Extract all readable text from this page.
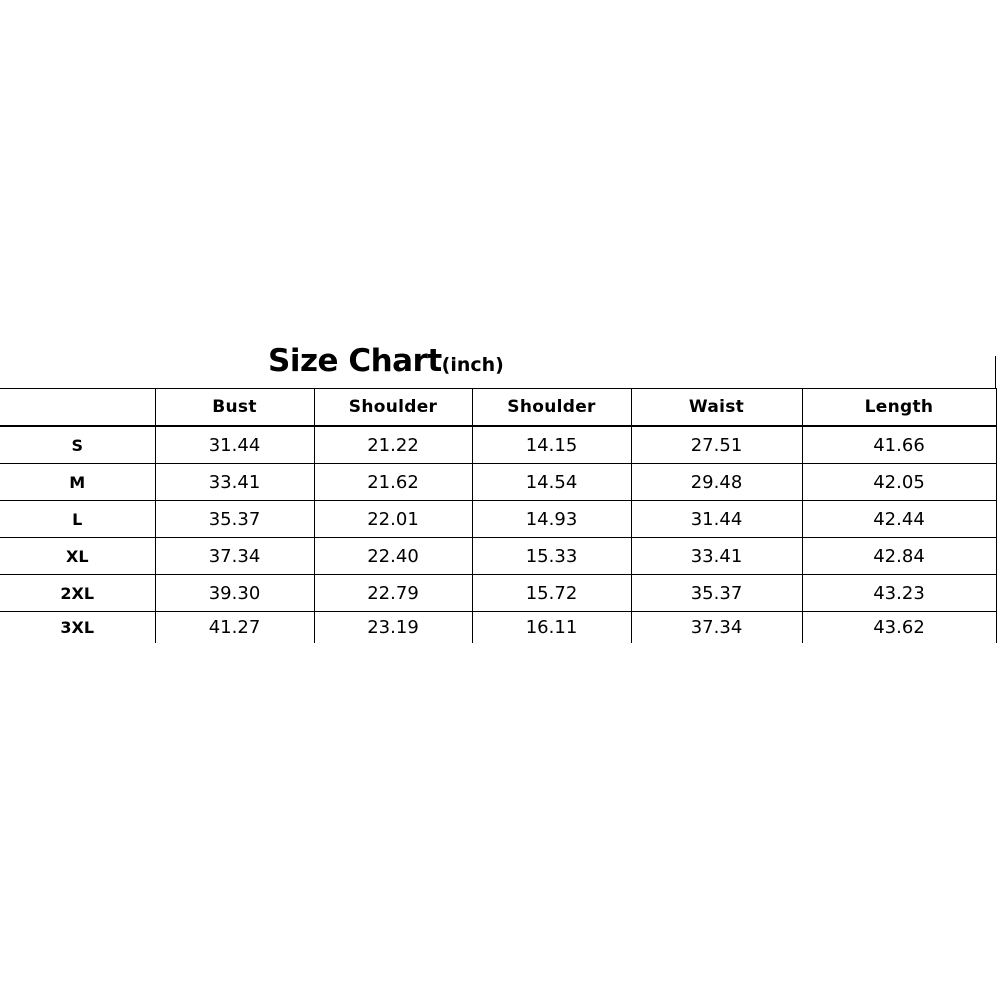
Size Chart(inch)
	Bust	Shoulder	Shoulder	Waist	Length
S	31.44	21.22	14.15	27.51	41.66
M	33.41	21.62	14.54	29.48	42.05
L	35.37	22.01	14.93	31.44	42.44
XL	37.34	22.40	15.33	33.41	42.84
2XL	39.30	22.79	15.72	35.37	43.23
3XL	41.27	23.19	16.11	37.34	43.62
